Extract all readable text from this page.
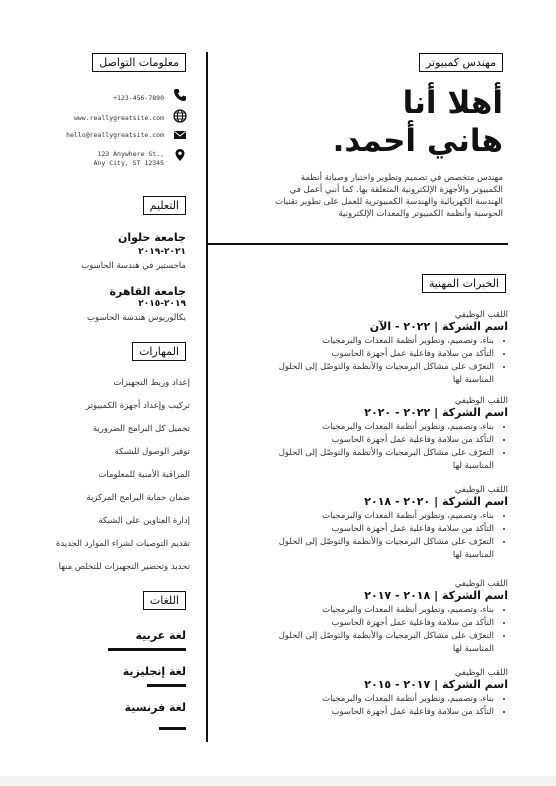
مهندس كمبيوتر
أهلا أنا
هاني أحمد.
مهندس متخصص في تصميم وتطوير واختبار وصيانة أنظمة الكمبيوتر والأجهزة الإلكترونية المتعلقة بها. كما أنني أعمل في الهندسة الكهربائية والهندسة الكمبيوترية للعمل على تطوير تقنيات الحوسبة وأنظمة الكمبيوتر والمعدات الإلكترونية
معلومات التواصل
+123-456-7890
www.reallygreatsite.com
hello@reallygreatsite.com
123 Anywhere St.,
Any City, ST 12345
التعليم
جامعة حلوان
٢٠٢١-٢٠١٩
ماجستير في هندسة الحاسوب
جامعة القاهرة
٢٠١٩-٢٠١٥
بكالوريوس هندسة الحاسوب
المهارات
إعداد وربط التجهيزات
تركيب وإعداد أجهزة الكمبيوتر
تحميل كل البرامج الضرورية
توفير الوصول للشبكة
المراقبة الأمنية للمعلومات
ضمان حماية البرامج المركزية
إدارة العناوين على الشبكة
تقديم التوصيات لشراء الموارد الجديدة
تحديد وتحضير التجهيزات للتخلص منها
اللغات
لغة عربية
لغة إنجليزية
لغة فرنسية
الخبرات المهنية
اللقب الوظيفي
اسم الشركة | ٢٠٢٢ - الآن
• بناء، وتصميم، وتطوير أنظمة المعدات والبرمجيات
• التأكد من سلامة وفاعلية عمل أجهزة الحاسوب
• التعرّف على مشاكل البرمجيات والأنظمة والتوصّل إلى الحلول المناسبة لها
اللقب الوظيفي
اسم الشركة | ٢٠٢٢ - ٢٠٢٠
• بناء، وتصميم، وتطوير أنظمة المعدات والبرمجيات
• التأكد من سلامة وفاعلية عمل أجهزة الحاسوب
• التعرّف على مشاكل البرمجيات والأنظمة والتوصّل إلى الحلول المناسبة لها
اللقب الوظيفي
اسم الشركة | ٢٠٢٠ - ٢٠١٨
• بناء، وتصميم، وتطوير أنظمة المعدات والبرمجيات
• التأكد من سلامة وفاعلية عمل أجهزة الحاسوب
• التعرّف على مشاكل البرمجيات والأنظمة والتوصّل إلى الحلول المناسبة لها
اللقب الوظيفي
اسم الشركة | ٢٠١٨ - ٢٠١٧
• بناء، وتصميم، وتطوير أنظمة المعدات والبرمجيات
• التأكد من سلامة وفاعلية عمل أجهزة الحاسوب
• التعرّف على مشاكل البرمجيات والأنظمة والتوصّل إلى الحلول المناسبة لها
اللقب الوظيفي
اسم الشركة | ٢٠١٧ - ٢٠١٥
• بناء، وتصميم، وتطوير أنظمة المعدات والبرمجيات
• التأكد من سلامة وفاعلية عمل أجهزة الحاسوب
